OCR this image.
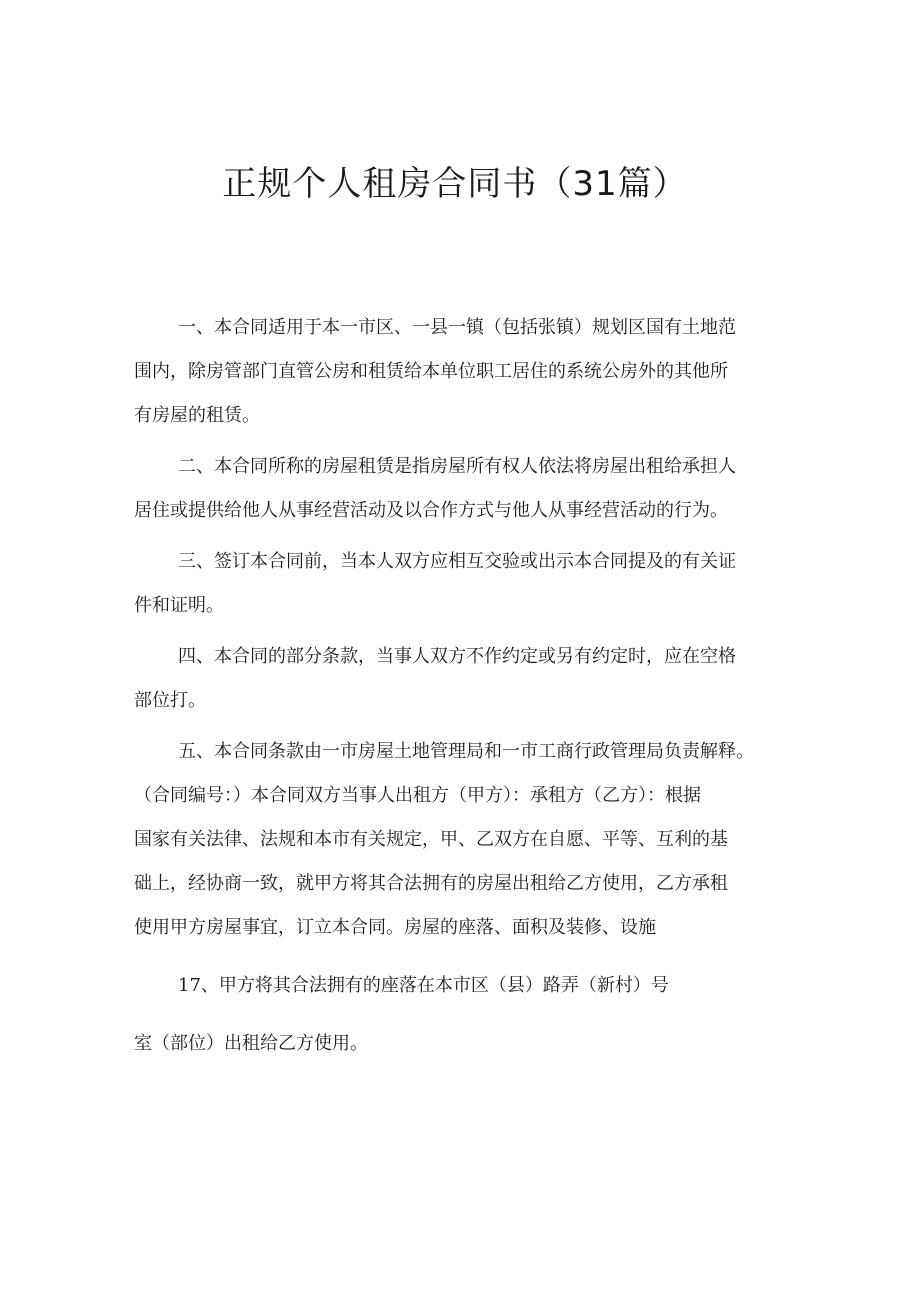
正规个人租房合同书（31篇）
一、本合同适用于本一市区、一县一镇（包括张镇）规划区国有土地范
围内，除房管部门直管公房和租赁给本单位职工居住的系统公房外的其他所
有房屋的租赁。
二、本合同所称的房屋租赁是指房屋所有权人依法将房屋出租给承担人
居住或提供给他人从事经营活动及以合作方式与他人从事经营活动的行为。
三、签订本合同前，当本人双方应相互交验或出示本合同提及的有关证
件和证明。
四、本合同的部分条款，当事人双方不作约定或另有约定时，应在空格
部位打。
五、本合同条款由一市房屋土地管理局和一市工商行政管理局负责解释。
（合同编号：）本合同双方当事人出租方（甲方）：承租方（乙方）：根据
国家有关法律、法规和本市有关规定，甲、乙双方在自愿、平等、互利的基
础上，经协商一致，就甲方将其合法拥有的房屋出租给乙方使用，乙方承租
使用甲方房屋事宜，订立本合同。房屋的座落、面积及装修、设施
17、甲方将其合法拥有的座落在本市区（县）路弄（新村）号
室（部位）出租给乙方使用。
